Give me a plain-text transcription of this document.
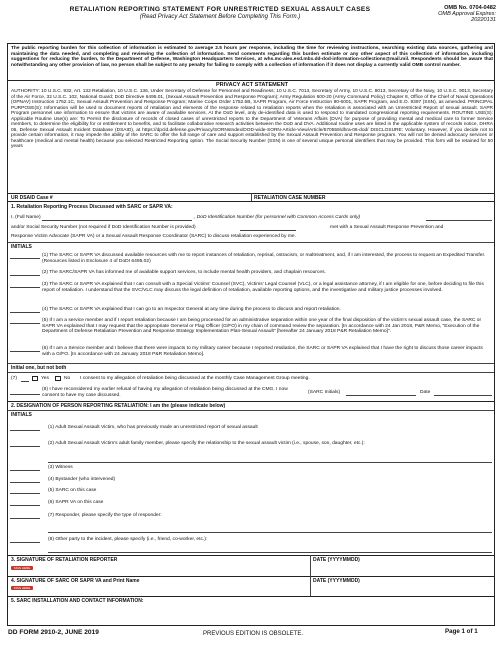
RETALIATION REPORTING STATEMENT FOR UNRESTRICTED SEXUAL ASSAULT CASES
(Read Privacy Act Statement Before Completing This Form.)
OMB No. 0704-0482
OMB Approval Expires:
20220131
The public reporting burden for this collection of information is estimated to average 2.5 hours per response, including the time for reviewing instructions, searching existing data sources, gathering and maintaining the data needed, and completing and reviewing the collection of information. Send comments regarding this burden estimate or any other aspect of this collection of information, including suggestions for reducing the burden, to the Department of Defense, Washington Headquarters Services, at whs.mc-alex.esd.mbx.dd-dod-information-collections@mail.mil. Respondents should be aware that notwithstanding any other provision of law, no person shall be subject to any penalty for failing to comply with a collection of information if it does not display a currently valid OMB control number.
PRIVACY ACT STATEMENT
AUTHORITY: 10 U.S.C. 932, Art. 132 Retaliation, 10 U.S.C. 136, Under Secretary of Defense for Personnel and Readiness; 10 U.S.C. 7013, Secretary of Army, 10 U.S.C. 8013, Secretary of the Navy, 10 U.S.C. 9013, Secretary of the Air Force, 32 U.S.C. 102, National Guard; DoD Directive 6495.01, (Sexual Assault Prevention and Response Program); Army Regulation 600-20 (Army Command Policy) Chapter 8, Office of the Chief of Naval Operations (OPNAV) Instruction 1752.1C, Sexual Assault Prevention and Response Program; Marine Corps Order 1752.5B, SAPR Program, Air Force Instruction 90-6001, SAPR Program, and E.O. 9397 (SSN), as amended. PRINCIPAL PURPOSE(S): Information will be used to document reports of retaliation and elements of the response related to retaliation reports when the retaliation is associated with an Unrestricted Report of sexual assault. SAPR Program personnel use information to ensure that victims are aware of available services. At the DoD level, only de-identified data is used to respond to mandated congressional reporting requirements. ROUTINE USE(S): Applicable Routine Use(s) are: To Permit the disclosure of records of closed cases of unrestricted reports to the Department of Veterans Affairs (DVA) for purpose of providing mental and medical care to former Service members, to determine the eligibility for or entitlement to benefits, and to facilitate collaborative research activities between the DoD and DVA. Additional routine uses are listed in the applicable system of records notice, DHRA 06, Defense Sexual Assault Incident Database (DSAID), at https://dpcld.defense.gov/Privacy/SORNsIndex/DOD-wide-SORN-Article-View/Article/570559/dhra-06-dod/ DISCLOSURE: Voluntary. However, if you decide not to provide certain information, it may impede the ability of the SARC to offer the full range of care and support established by the Sexual Assault Prevention and Response program. You will not be denied advocacy services or healthcare (medical and mental health) because you selected Restricted Reporting option. The Social Security Number (SSN) is one of several unique personal identifiers that may be provided. This form will be retained for 50 years
UR DSAID Case #	RETALIATION CASE NUMBER
1. Retaliation Reporting Process Discussed with SARC or SAPR VA:
I, (Full Name)	, DoD Identification Number (for personnel with Common Access Cards only)
and/or Social Security Number (not required if DoD Identification Number is provided)	met with a Sexual Assault Response Prevention and
Response Victim Advocate (SAPR VA) or a Sexual Assault Response Coordinator (SARC) to discuss retaliation experienced by me.
INITIALS
(1) The SARC or SAPR VA discussed available resources with me to report instances of retaliation, reprisal, ostracism, or maltreatment, and, if I am interested, the process to request an Expedited Transfer. (Resources listed in Enclosure 4 of DoDI 6495.02)
(2) The SARC/SAPR VA has informed me of available support services, to include mental health providers, and chaplain resources.
(3) The SARC or SAPR VA explained that I can consult with a Special Victims' Counsel (SVC), Victims' Legal Counsel (VLC), or a legal assistance attorney, if I am eligible for one, before deciding to file this report of retaliation. I understand that the SVC/VLC may discuss the legal definition of retaliation, available reporting options, and the investigative and military justice processes involved.
(4) The SARC or SAPR VA explained that I can go to an Inspector General at any time during the process to discuss and report retaliation.
(5) If I am a service member and if I report retaliation because I am being processed for an administrative separation within one year of the final disposition of the victim's sexual assault case, the SARC or SAPR VA explained that I may request that the appropriate General or Flag Officer (G/FO) in my chain of command review the separation. [In accordance with 24 Jan 2018, P&R Memo, "Execution of the Department of Defense Retaliation Prevention and Response Strategy Implementation Plan-Sexual Assault" [hereafter 24 January 2018 P&R Retaliation Memo]".
(6) If I am a Service member and I believe that there were impacts to my military career because I reported retaliation, the SARC or SAPR VA explained that I have the right to discuss those career impacts with a G/FO. [In accordance with 24 January 2018 P&R Retaliation Memo].
Initial one, but not both
(7)	Yes	No I consent to my allegation of retaliation being discussed at the monthly Case Management Group meeting.
(8) I have reconsidered my earlier refusal of having my allegation of retaliation being discussed at the CMG. I now consent to have my case discussed.	(SARC Initials)	Date
2. DESIGNATION OF PERSON REPORTING RETALIATION: I am the (please indicate below)
INITIALS
(1) Adult Sexual Assault Victim, who has previously made an unrestricted report of sexual assault
(2) Adult Sexual Assault Victim's adult family member, please specify the relationship to the sexual assault victim (i.e., spouse, son, daughter, etc.):
(3) Witness
(4) Bystander (who intervened)
(5) SARC on this case
(6) SAPR VA on this case
(7) Responder, please specify the type of responder:
(8) Other party to the incident, please specify (i.e., friend, co-worker, etc.):
3. SIGNATURE OF RETALIATION REPORTER	DATE (YYYYMMDD)
SIGN HERE
4. SIGNATURE OF SARC OR SAPR VA and Print Name	DATE (YYYYMMDD)
SIGN HERE
5. SARC INSTALLATION AND CONTACT INFORMATION:
DD FORM 2910-2, JUNE 2019	PREVIOUS EDITION IS OBSOLETE.	Page 1 of 1
